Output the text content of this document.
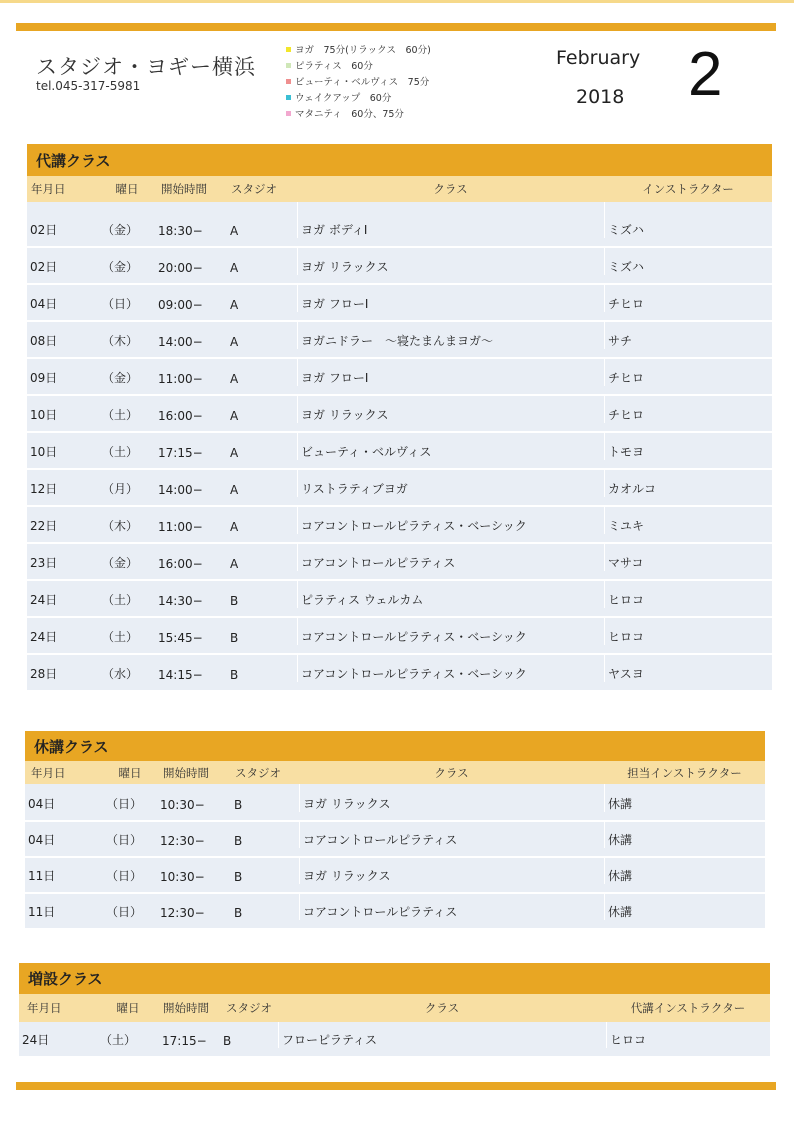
スタジオ・ヨギー横浜
tel.045-317-5981
ヨガ　75分(リラックス　60分)
ピラティス　60分
ビューティ・ベルヴィス　75分
ウェイクアップ　60分
マタニティ　60分、75分
February
2018 2
代講クラス
年月日	曜日	開始時間	スタジオ	クラス	インストラクター
02日	（金）	18:30−	A	ヨガ ボディI	ミズハ
02日	（金）	20:00−	A	ヨガ リラックス	ミズハ
04日	（日）	09:00−	A	ヨガ フローI	チヒロ
08日	（木）	14:00−	A	ヨガニドラー　〜寝たまんまヨガ〜	サチ
09日	（金）	11:00−	A	ヨガ フローI	チヒロ
10日	（土）	16:00−	A	ヨガ リラックス	チヒロ
10日	（土）	17:15−	A	ビューティ・ベルヴィス	トモヨ
12日	（月）	14:00−	A	リストラティブヨガ	カオルコ
22日	（木）	11:00−	A	コアコントロールピラティス・ベーシック	ミユキ
23日	（金）	16:00−	A	コアコントロールピラティス	マサコ
24日	（土）	14:30−	B	ピラティス ウェルカム	ヒロコ
24日	（土）	15:45−	B	コアコントロールピラティス・ベーシック	ヒロコ
28日	（水）	14:15−	B	コアコントロールピラティス・ベーシック	ヤスヨ
休講クラス
年月日	曜日	開始時間	スタジオ	クラス	担当インストラクター
04日	（日）	10:30−	B	ヨガ リラックス	休講
04日	（日）	12:30−	B	コアコントロールピラティス	休講
11日	（日）	10:30−	B	ヨガ リラックス	休講
11日	（日）	12:30−	B	コアコントロールピラティス	休講
増設クラス
年月日	曜日	開始時間	スタジオ	クラス	代講インストラクター
24日	（土）	17:15−	B	フローピラティス	ヒロコ
